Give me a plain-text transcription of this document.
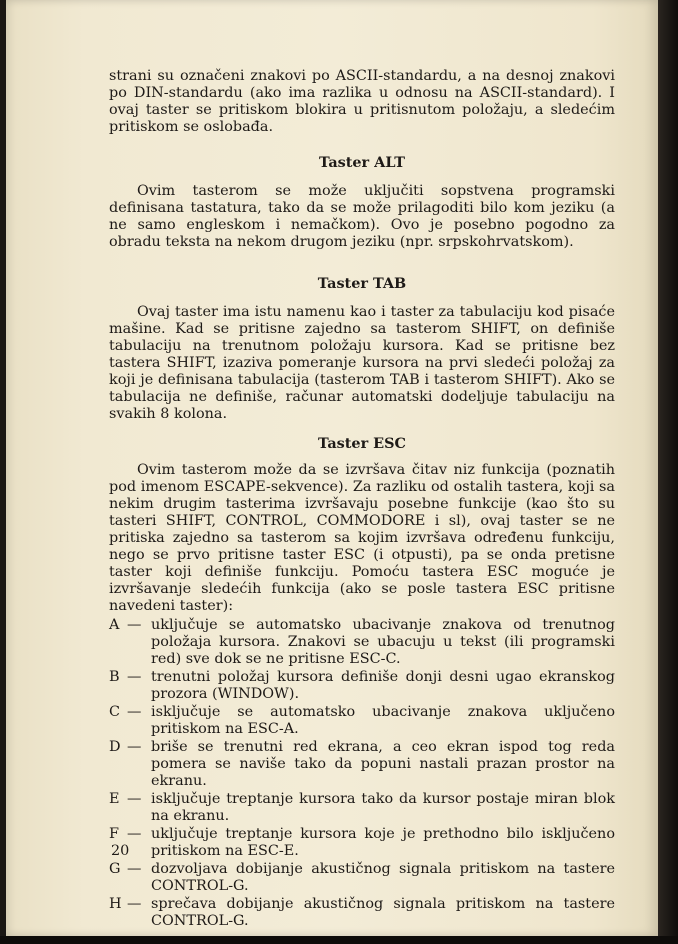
strani su označeni znakovi po ASCII-standardu, a na desnoj znakovi po DIN-standardu (ako ima razlika u odnosu na ASCII-standard). I ovaj taster se pritiskom blokira u pritisnutom položaju, a sledećim pritiskom se oslobađa.

Taster ALT

Ovim tasterom se može uključiti sopstvena programski definisana tastatura, tako da se može prilagoditi bilo kom jeziku (a ne samo engleskom i nemačkom). Ovo je posebno pogodno za obradu teksta na nekom drugom jeziku (npr. srpskohrvatskom).

Taster TAB

Ovaj taster ima istu namenu kao i taster za tabulaciju kod pisaće mašine. Kad se pritisne zajedno sa tasterom SHIFT, on definiše tabulaciju na trenutnom položaju kursora. Kad se pritisne bez tastera SHIFT, izaziva pomeranje kursora na prvi sledeći položaj za koji je definisana tabulacija (tasterom TAB i tasterom SHIFT). Ako se tabulacija ne definiše, računar automatski dodeljuje tabulaciju na svakih 8 kolona.

Taster ESC

Ovim tasterom može da se izvršava čitav niz funkcija (poznatih pod imenom ESCAPE-sekvence). Za razliku od ostalih tastera, koji sa nekim drugim tasterima izvršavaju posebne funkcije (kao što su tasteri SHIFT, CONTROL, COMMODORE i sl), ovaj taster se ne pritiska zajedno sa tasterom sa kojim izvršava određenu funkciju, nego se prvo pritisne taster ESC (i otpusti), pa se onda pretisne taster koji definiše funkciju. Pomoću tastera ESC moguće je izvršavanje sledećih funkcija (ako se posle tastera ESC pritisne navedeni taster):

A — uključuje se automatsko ubacivanje znakova od trenutnog položaja kursora. Znakovi se ubacuju u tekst (ili programski red) sve dok se ne pritisne ESC-C.
B — trenutni položaj kursora definiše donji desni ugao ekranskog prozora (WINDOW).
C — isključuje se automatsko ubacivanje znakova uključeno pritiskom na ESC-A.
D — briše se trenutni red ekrana, a ceo ekran ispod tog reda pomera se naviše tako da popuni nastali prazan prostor na ekranu.
E — isključuje treptanje kursora tako da kursor postaje miran blok na ekranu.
F — uključuje treptanje kursora koje je prethodno bilo isključeno pritiskom na ESC-E.
G — dozvoljava dobijanje akustičnog signala pritiskom na tastere CONTROL-G.
H — sprečava dobijanje akustičnog signala pritiskom na tastere CONTROL-G.
20
